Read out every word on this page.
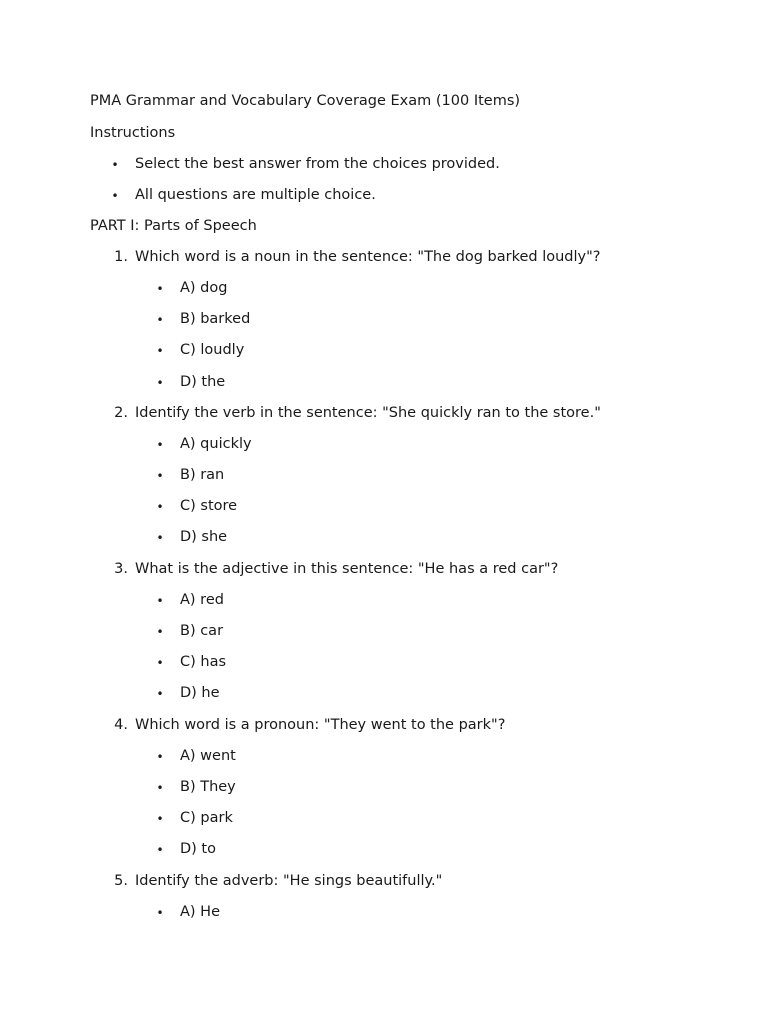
PMA Grammar and Vocabulary Coverage Exam (100 Items)
Instructions
• Select the best answer from the choices provided.
• All questions are multiple choice.
PART I: Parts of Speech
1. Which word is a noun in the sentence: "The dog barked loudly"?
• A) dog
• B) barked
• C) loudly
• D) the
2. Identify the verb in the sentence: "She quickly ran to the store."
• A) quickly
• B) ran
• C) store
• D) she
3. What is the adjective in this sentence: "He has a red car"?
• A) red
• B) car
• C) has
• D) he
4. Which word is a pronoun: "They went to the park"?
• A) went
• B) They
• C) park
• D) to
5. Identify the adverb: "He sings beautifully."
• A) He
